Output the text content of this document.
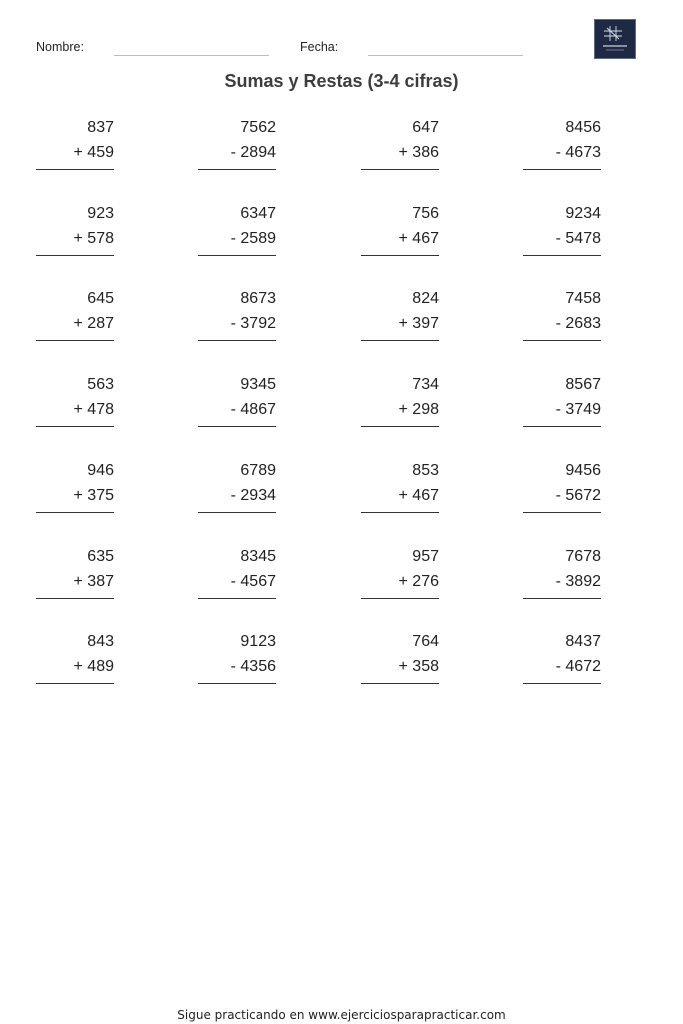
Nombre:	Fecha:
Sumas y Restas (3-4 cifras)
837
+ 459
7562
- 2894
647
+ 386
8456
- 4673
923
+ 578
6347
- 2589
756
+ 467
9234
- 5478
645
+ 287
8673
- 3792
824
+ 397
7458
- 2683
563
+ 478
9345
- 4867
734
+ 298
8567
- 3749
946
+ 375
6789
- 2934
853
+ 467
9456
- 5672
635
+ 387
8345
- 4567
957
+ 276
7678
- 3892
843
+ 489
9123
- 4356
764
+ 358
8437
- 4672
Sigue practicando en www.ejerciciosparapracticar.com
